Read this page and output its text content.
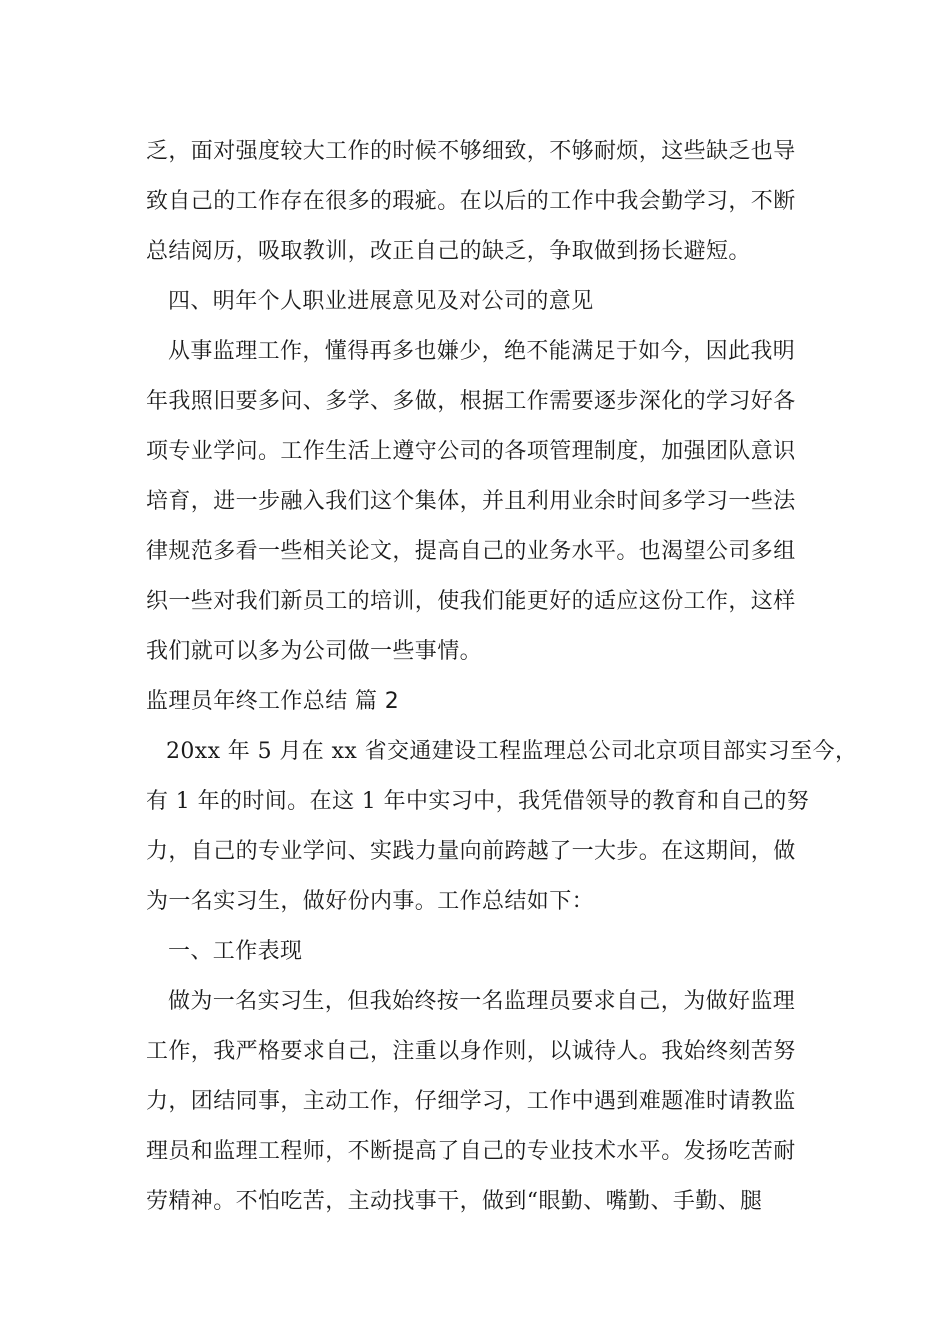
乏，面对强度较大工作的时候不够细致，不够耐烦，这些缺乏也导
致自己的工作存在很多的瑕疵。在以后的工作中我会勤学习，不断
总结阅历，吸取教训，改正自己的缺乏，争取做到扬长避短。
四、明年个人职业进展意见及对公司的意见
从事监理工作，懂得再多也嫌少，绝不能满足于如今，因此我明
年我照旧要多问、多学、多做，根据工作需要逐步深化的学习好各
项专业学问。工作生活上遵守公司的各项管理制度，加强团队意识
培育，进一步融入我们这个集体，并且利用业余时间多学习一些法
律规范多看一些相关论文，提高自己的业务水平。也渴望公司多组
织一些对我们新员工的培训，使我们能更好的适应这份工作，这样
我们就可以多为公司做一些事情。
监理员年终工作总结 篇 2
20xx 年 5 月在 xx 省交通建设工程监理总公司北京项目部实习至今，
有 1 年的时间。在这 1 年中实习中，我凭借领导的教育和自己的努
力，自己的专业学问、实践力量向前跨越了一大步。在这期间，做
为一名实习生，做好份内事。工作总结如下：
一、工作表现
做为一名实习生，但我始终按一名监理员要求自己，为做好监理
工作，我严格要求自己，注重以身作则，以诚待人。我始终刻苦努
力，团结同事，主动工作，仔细学习，工作中遇到难题准时请教监
理员和监理工程师，不断提高了自己的专业技术水平。发扬吃苦耐
劳精神。不怕吃苦，主动找事干，做到“眼勤、嘴勤、手勤、腿
